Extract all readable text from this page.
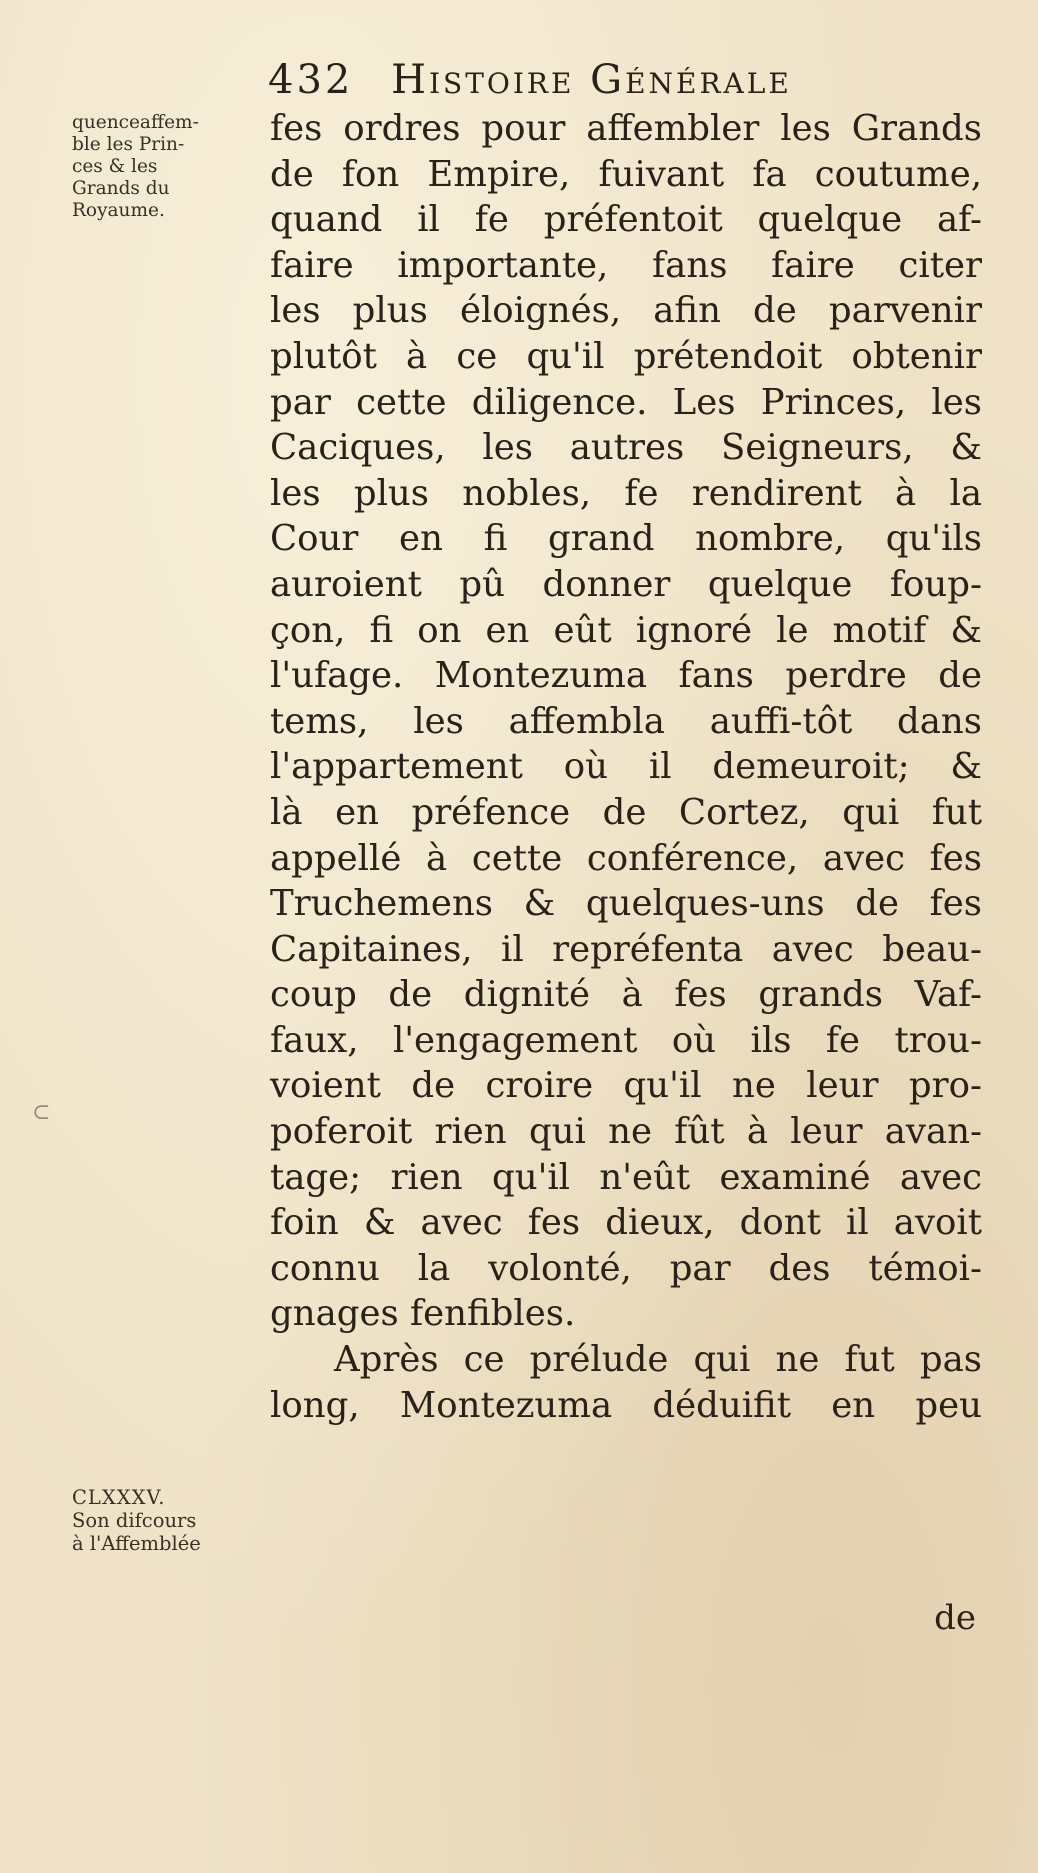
432 Histoire Générale
quenceaffem-
ble les Prin-
ces & les
Grands du
Royaume.
fes ordres pour affembler les Grands
de fon Empire, fuivant fa coutume,
quand il fe préfentoit quelque af-
faire importante, fans faire citer
les plus éloignés, afin de parvenir
plutôt à ce qu'il prétendoit obtenir
par cette diligence. Les Princes, les
Caciques, les autres Seigneurs, &
les plus nobles, fe rendirent à la
Cour en fi grand nombre, qu'ils
auroient pû donner quelque foup-
çon, fi on en eût ignoré le motif &
l'ufage. Montezuma fans perdre de
tems, les affembla auffi-tôt dans
l'appartement où il demeuroit; &
là en préfence de Cortez, qui fut
appellé à cette conférence, avec fes
Truchemens & quelques-uns de fes
Capitaines, il repréfenta avec beau-
coup de dignité à fes grands Vaf-
faux, l'engagement où ils fe trou-
voient de croire qu'il ne leur pro-
poferoit rien qui ne fût à leur avan-
tage; rien qu'il n'eût examiné avec
foin & avec fes dieux, dont il avoit
connu la volonté, par des témoi-
gnages fenfibles.
Après ce prélude qui ne fut pas
long, Montezuma déduifit en peu
CLXXXV.
Son difcours
à l'Affemblée
de
⊂
